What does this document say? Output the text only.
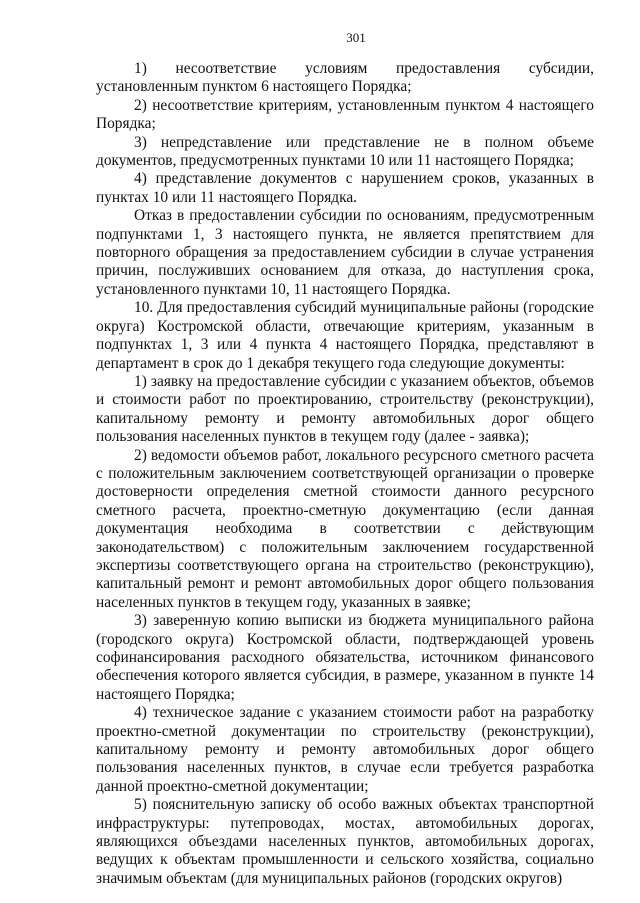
301

1) несоответствие условиям предоставления субсидии, установленным пунктом 6 настоящего Порядка;

2) несоответствие критериям, установленным пунктом 4 настоящего Порядка;

3) непредставление или представление не в полном объеме документов, предусмотренных пунктами 10 или 11 настоящего Порядка;

4) представление документов с нарушением сроков, указанных в пунктах 10 или 11 настоящего Порядка.

Отказ в предоставлении субсидии по основаниям, предусмотренным подпунктами 1, 3 настоящего пункта, не является препятствием для повторного обращения за предоставлением субсидии в случае устранения причин, послуживших основанием для отказа, до наступления срока, установленного пунктами 10, 11 настоящего Порядка.

10. Для предоставления субсидий муниципальные районы (городские округа) Костромской области, отвечающие критериям, указанным в подпунктах 1, 3 или 4 пункта 4 настоящего Порядка, представляют в департамент в срок до 1 декабря текущего года следующие документы:

1) заявку на предоставление субсидии с указанием объектов, объемов и стоимости работ по проектированию, строительству (реконструкции), капитальному ремонту и ремонту автомобильных дорог общего пользования населенных пунктов в текущем году (далее - заявка);

2) ведомости объемов работ, локального ресурсного сметного расчета с положительным заключением соответствующей организации о проверке достоверности определения сметной стоимости данного ресурсного сметного расчета, проектно-сметную документацию (если данная документация необходима в соответствии с действующим законодательством) с положительным заключением государственной экспертизы соответствующего органа на строительство (реконструкцию), капитальный ремонт и ремонт автомобильных дорог общего пользования населенных пунктов в текущем году, указанных в заявке;

3) заверенную копию выписки из бюджета муниципального района (городского округа) Костромской области, подтверждающей уровень софинансирования расходного обязательства, источником финансового обеспечения которого является субсидия, в размере, указанном в пункте 14 настоящего Порядка;

4) техническое задание с указанием стоимости работ на разработку проектно-сметной документации по строительству (реконструкции), капитальному ремонту и ремонту автомобильных дорог общего пользования населенных пунктов, в случае если требуется разработка данной проектно-сметной документации;

5) пояснительную записку об особо важных объектах транспортной инфраструктуры: путепроводах, мостах, автомобильных дорогах, являющихся объездами населенных пунктов, автомобильных дорогах, ведущих к объектам промышленности и сельского хозяйства, социально значимым объектам (для муниципальных районов (городских округов)
